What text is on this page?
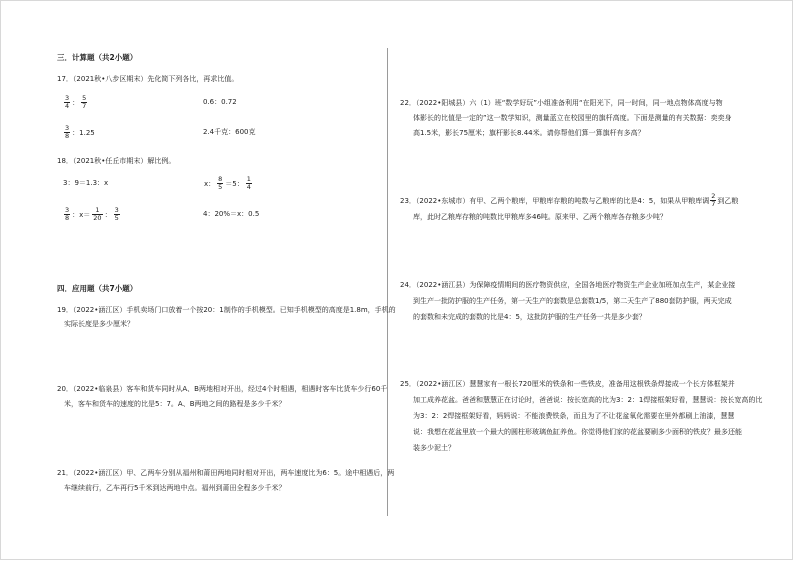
三．计算题（共2小题）
17．（2021秋•八步区期末）先化简下列各比，再求比值。
$\frac{3}{4}$ ： $\frac{5}{7}$	0.6：0.72
$\frac{3}{8}$ ：1.25	2.4千克：600克
18．（2021秋•任丘市期末）解比例。
3：9＝1.3：x	x： $\frac{8}{5} =5$： $\frac{1}{4}$
$\frac{3}{8}$ ：$x= \frac{1}{20}$ ： $\frac{3}{5}$	4：20%＝x：0.5
四．应用题（共7小题）
19．（2022•涵江区）手机卖场门口放着一个按20：1制作的手机模型。已知手机模型的高度是1.8m，手机的
实际长度是多少厘米？
20．（2022•临泉县）客车和货车同时从A、B两地相对开出，经过4个时相遇，相遇时客车比货车少行60千
米，客车和货车的速度的比是5：7。A、B两地之间的路程是多少千米？
21．（2022•涵江区）甲、乙两车分别从福州和莆田两地同时相对开出，两车速度比为6：5。途中相遇后，两
车继续前行，乙车再行5千米到达两地中点。福州到莆田全程多少千米？
22．（2022•阳城县）六（1）班“数学好玩”小组准备利用“在阳光下，同一时间，同一地点物体高度与物
体影长的比值是一定的”这一数学知识，测量蓝立在校园里的旗杆高度。下面是测量的有关数据：奕奕身
高1.5米，影长75厘米；旗杆影长8.44米。请你帮他们算一算旗杆有多高？
23．（2022•东城市）有甲、乙两个粮库，甲粮库存粮的吨数与乙粮库的比是4：5，如果从甲粮库调 $\frac{2}{7}$ 到乙粮
库，此时乙粮库存粮的吨数比甲粮库多46吨。原来甲、乙两个粮库各存粮多少吨？
24．（2022•涵江县）为保障疫情期间的医疗物资供应，全国各地医疗物资生产企业加班加点生产，某企业接
到生产一批防护服的生产任务，第一天生产的套数是总套数1/5，第二天生产了880套防护服，两天完成
的套数和未完成的套数的比是4：5，这批防护服的生产任务一共是多少套？
25．（2022•涵江区）慧慧家有一根长720厘米的铁条和一些铁皮，准备用这根铁条焊接成一个长方体框架并
加工成养花盆。爸爸和慧慧正在讨论时，爸爸说：按长宽高的比为3：2：1焊接框架好看，慧慧说：按长宽高的比
为3：2：2焊接框架好看，妈妈说：不能浪费铁条，而且为了不让花盆氧化需要在里外都刷上油漆，慧慧
说：我想在花盆里放一个最大的圆柱形玻璃鱼缸养鱼。你觉得他们家的花盆要刷多少面积的铁皮？最多还能
装多少泥土？
